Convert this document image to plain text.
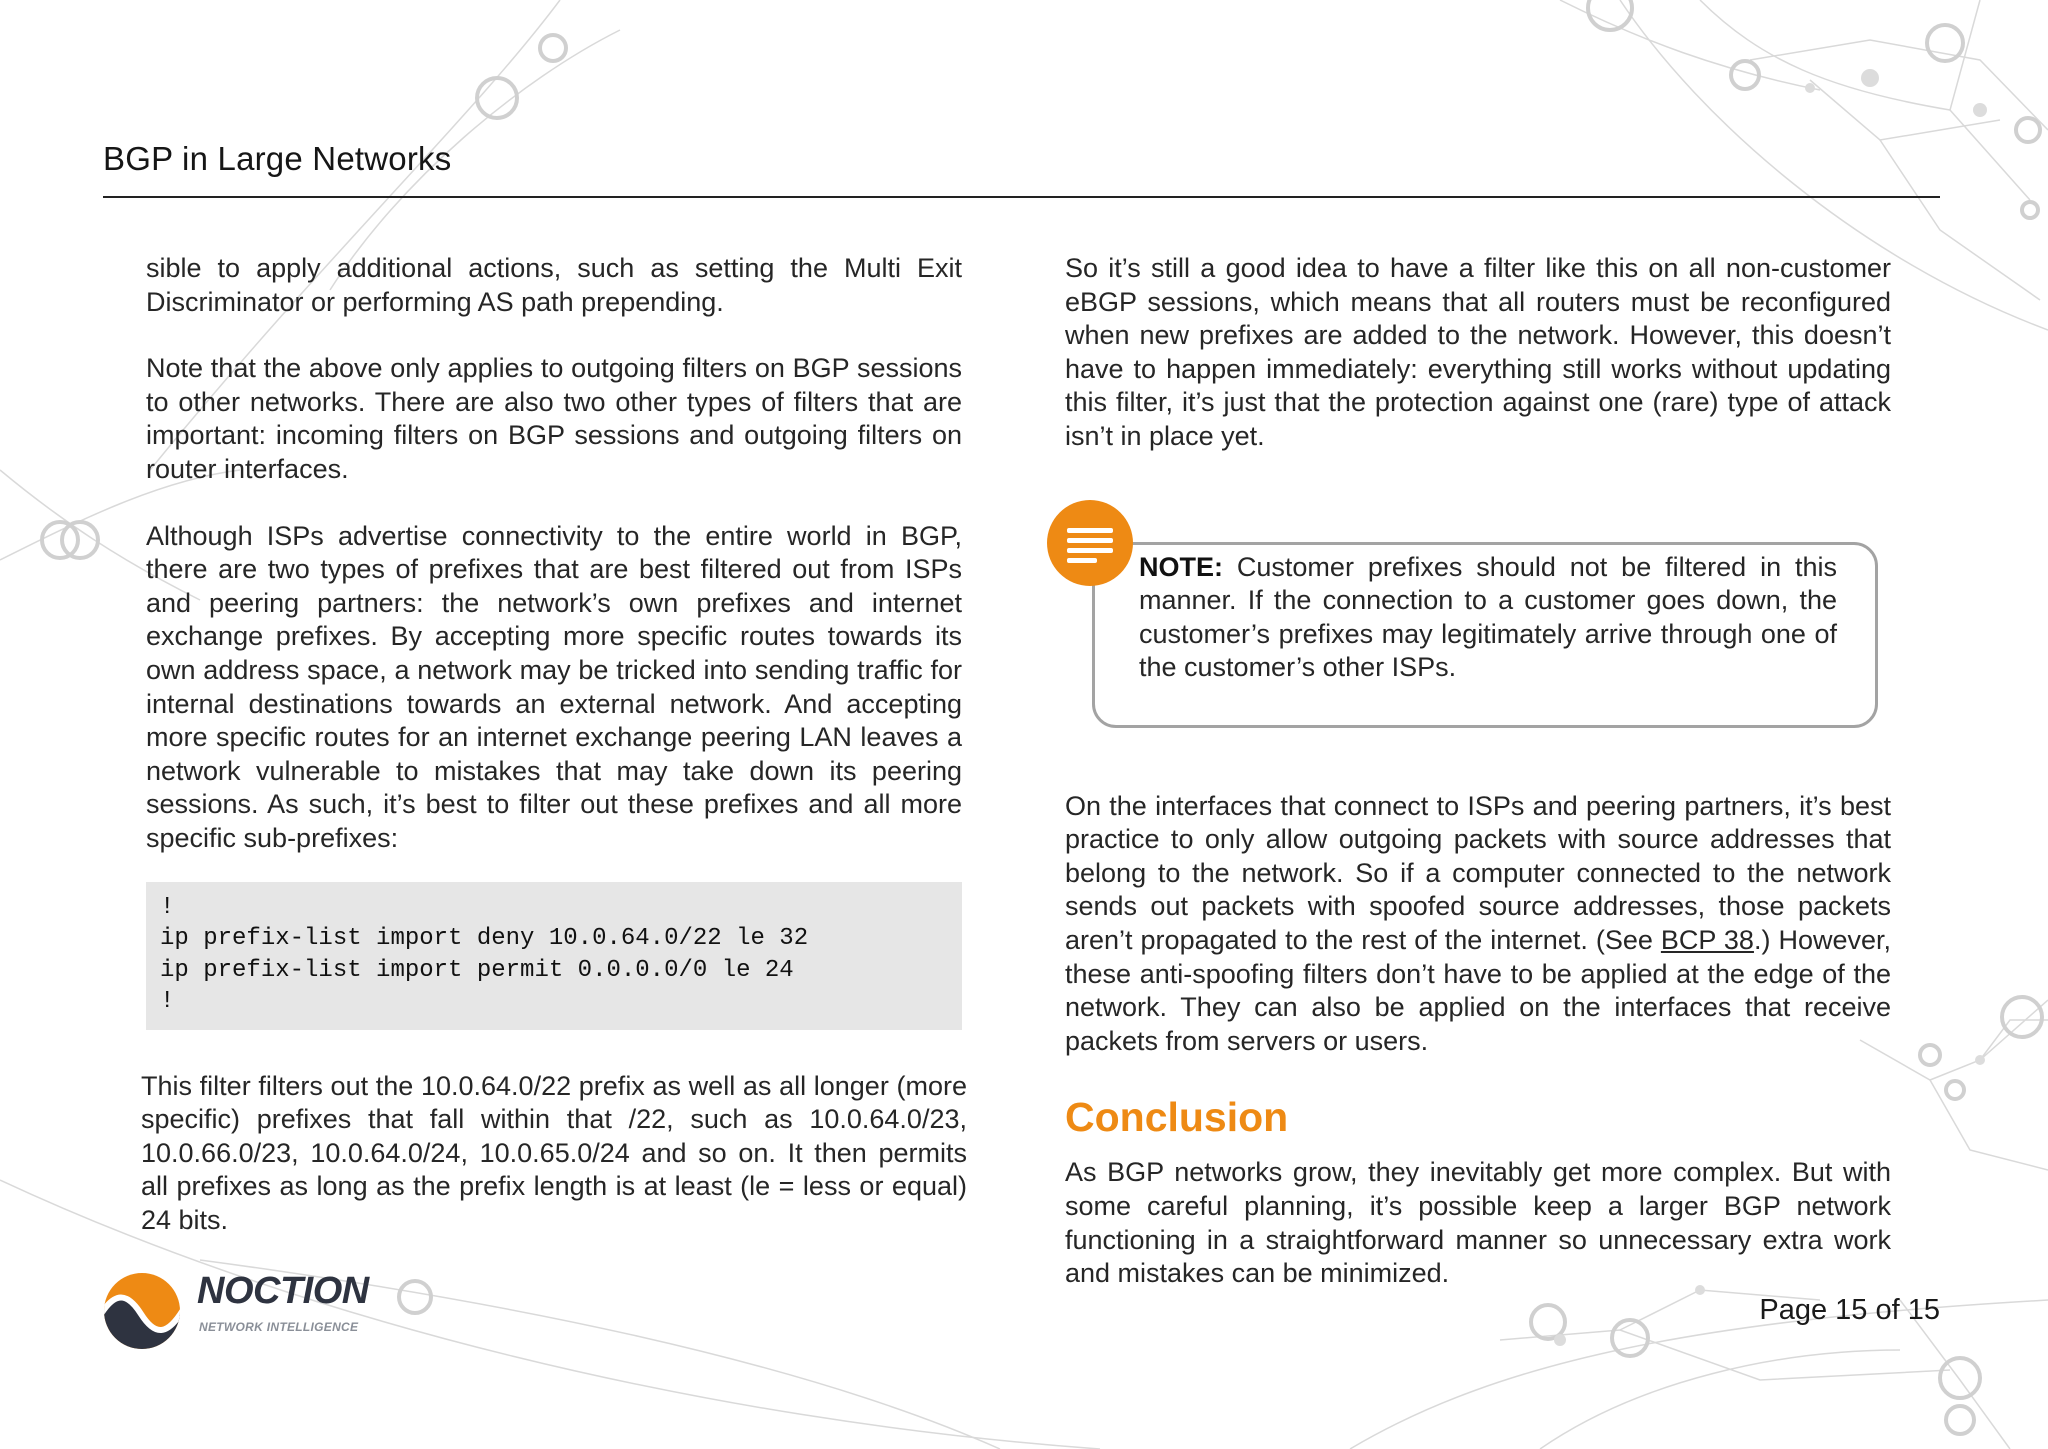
BGP in Large Networks

sible to apply additional actions, such as setting the Multi Exit Discriminator or performing AS path prepending.

Note that the above only applies to outgoing filters on BGP sessions to other networks. There are also two other types of filters that are important: incoming filters on BGP sessions and outgoing filters on router interfaces.

Although ISPs advertise connectivity to the entire world in BGP, there are two types of prefixes that are best filtered out from ISPs and peering partners: the network’s own prefixes and internet exchange prefixes. By accepting more specific routes towards its own address space, a network may be tricked into sending traffic for internal destinations towards an external network. And accepting more specific routes for an internet exchange peering LAN leaves a network vulnerable to mistakes that may take down its peering sessions. As such, it’s best to filter out these prefixes and all more specific sub-prefixes:

!
ip prefix-list import deny 10.0.64.0/22 le 32
ip prefix-list import permit 0.0.0.0/0 le 24
!

This filter filters out the 10.0.64.0/22 prefix as well as all longer (more specific) prefixes that fall within that /22, such as 10.0.64.0/23, 10.0.66.0/23, 10.0.64.0/24, 10.0.65.0/24 and so on. It then permits all prefixes as long as the prefix length is at least (le = less or equal) 24 bits.

So it’s still a good idea to have a filter like this on all non-customer eBGP sessions, which means that all routers must be reconfigured when new prefixes are added to the network. However, this doesn’t have to happen immediately: everything still works without updating this filter, it’s just that the protection against one (rare) type of attack isn’t in place yet.

NOTE: Customer prefixes should not be filtered in this manner. If the connection to a customer goes down, the customer’s prefixes may legitimately arrive through one of the customer’s other ISPs.

On the interfaces that connect to ISPs and peering partners, it’s best practice to only allow outgoing packets with source addresses that belong to the network. So if a computer connected to the network sends out packets with spoofed source addresses, those packets aren’t propagated to the rest of the internet. (See BCP 38.) However, these anti-spoofing filters don’t have to be applied at the edge of the network. They can also be applied on the interfaces that receive packets from servers or users.

Conclusion

As BGP networks grow, they inevitably get more complex. But with some careful planning, it’s possible keep a larger BGP network functioning in a straightforward manner so unnecessary extra work and mistakes can be minimized.

NOCTION
NETWORK INTELLIGENCE
Page 15 of 15
